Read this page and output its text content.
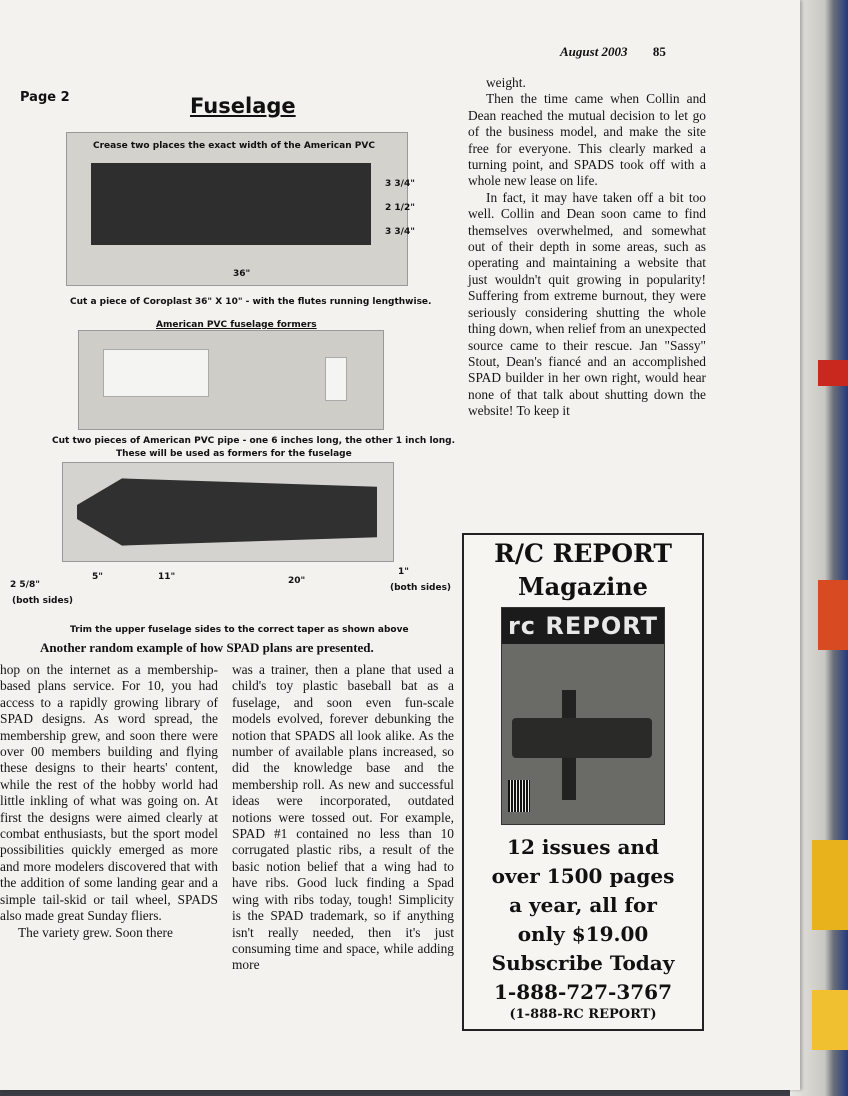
August 2003 85
Page 2	Fuselage
Crease two places the exact width of the American PVC
3 3/4"
2 1/2"
3 3/4"
36"
Cut a piece of Coroplast 36" X 10" - with the flutes running lengthwise.
American PVC fuselage formers
Cut two pieces of American PVC pipe - one 6 inches long, the other 1 inch long.
These will be used as formers for the fuselage
2 5/8"
(both sides)
1"
(both sides)
5"	11"	20"
Trim the upper fuselage sides to the correct taper as shown above
Another random example of how SPAD plans are presented.

hop on the internet as a membership-based plans service. For 10, you had access to a rapidly growing library of SPAD designs. As word spread, the membership grew, and soon there were over 00 members building and flying these designs to their hearts' content, while the rest of the hobby world had little inkling of what was going on. At first the designs were aimed clearly at combat enthusiasts, but the sport model possibilities quickly emerged as more and more modelers discovered that with the addition of some landing gear and a simple tail-skid or tail wheel, SPADS also made great Sunday fliers.

The variety grew. Soon there

was a trainer, then a plane that used a child's toy plastic baseball bat as a fuselage, and soon even fun-scale models evolved, forever debunking the notion that SPADS all look alike. As the number of available plans increased, so did the knowledge base and the membership roll. As new and successful ideas were incorporated, outdated notions were tossed out. For example, SPAD #1 contained no less than 10 corrugated plastic ribs, a result of the basic notion belief that a wing had to have ribs. Good luck finding a Spad wing with ribs today, tough! Simplicity is the SPAD trademark, so if anything isn't really needed, then it's just consuming time and space, while adding more

weight.

Then the time came when Collin and Dean reached the mutual decision to let go of the business model, and make the site free for everyone. This clearly marked a turning point, and SPADS took off with a whole new lease on life.

In fact, it may have taken off a bit too well. Collin and Dean soon came to find themselves overwhelmed, and somewhat out of their depth in some areas, such as operating and maintaining a website that just wouldn't quit growing in popularity! Suffering from extreme burnout, they were seriously considering shutting the whole thing down, when relief from an unexpected source came to their rescue. Jan "Sassy" Stout, Dean's fiancé and an accomplished SPAD builder in her own right, would hear none of that talk about shutting down the website! To keep it

R/C REPORT
Magazine
rc REPORT
12 issues and
over 1500 pages
a year, all for
only $19.00
Subscribe Today
1-888-727-3767
(1-888-RC REPORT)
